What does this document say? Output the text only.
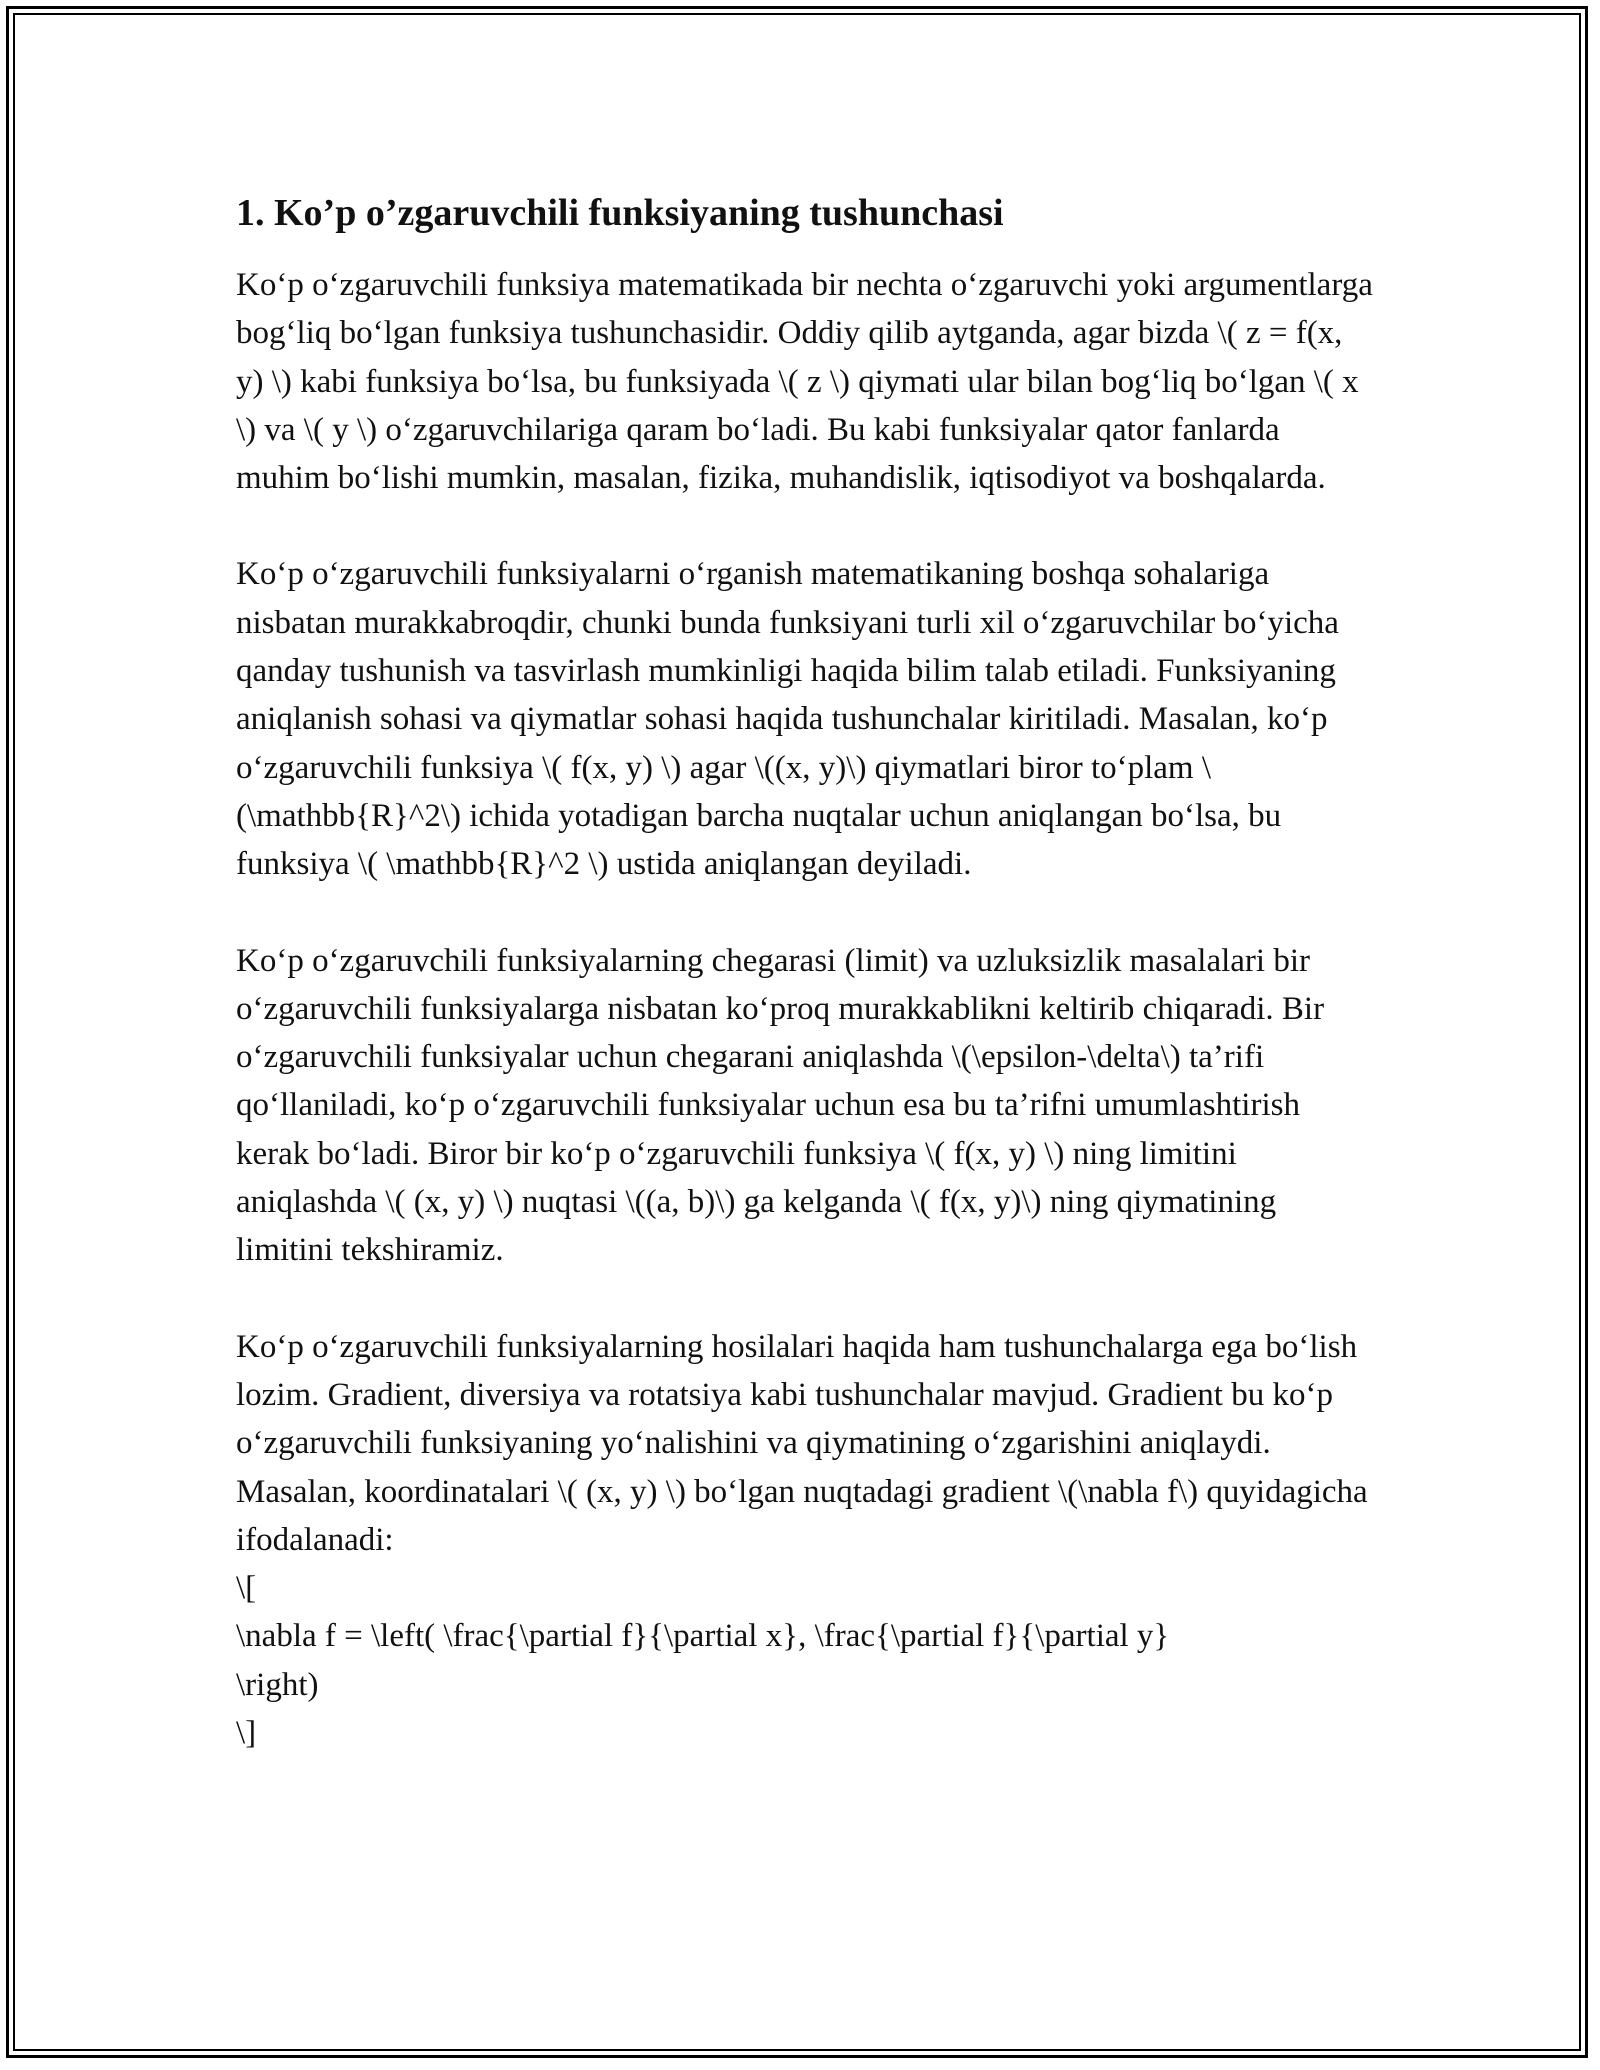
1. Ko’p o’zgaruvchili funksiyaning tushunchasi

Ko‘p o‘zgaruvchili funksiya matematikada bir nechta o‘zgaruvchi yoki argumentlarga bog‘liq bo‘lgan funksiya tushunchasidir. Oddiy qilib aytganda, agar bizda \( z = f(x, y) \) kabi funksiya bo‘lsa, bu funksiyada \( z \) qiymati ular bilan bog‘liq bo‘lgan \( x \) va \( y \) o‘zgaruvchilariga qaram bo‘ladi. Bu kabi funksiyalar qator fanlarda muhim bo‘lishi mumkin, masalan, fizika, muhandislik, iqtisodiyot va boshqalarda.

Ko‘p o‘zgaruvchili funksiyalarni o‘rganish matematikaning boshqa sohalariga nisbatan murakkabroqdir, chunki bunda funksiyani turli xil o‘zgaruvchilar bo‘yicha qanday tushunish va tasvirlash mumkinligi haqida bilim talab etiladi. Funksiyaning aniqlanish sohasi va qiymatlar sohasi haqida tushunchalar kiritiladi. Masalan, ko‘p o‘zgaruvchili funksiya \( f(x, y) \) agar \((x, y)\) qiymatlari biror to‘plam \(\mathbb{R}^2\) ichida yotadigan barcha nuqtalar uchun aniqlangan bo‘lsa, bu funksiya \( \mathbb{R}^2 \) ustida aniqlangan deyiladi.

Ko‘p o‘zgaruvchili funksiyalarning chegarasi (limit) va uzluksizlik masalalari bir o‘zgaruvchili funksiyalarga nisbatan ko‘proq murakkablikni keltirib chiqaradi. Bir o‘zgaruvchili funksiyalar uchun chegarani aniqlashda \(\epsilon-\delta\) ta’rifi qo‘llaniladi, ko‘p o‘zgaruvchili funksiyalar uchun esa bu ta’rifni umumlashtirish kerak bo‘ladi. Biror bir ko‘p o‘zgaruvchili funksiya \( f(x, y) \) ning limitini aniqlashda \( (x, y) \) nuqtasi \((a, b)\) ga kelganda \( f(x, y)\) ning qiymatining limitini tekshiramiz.

Ko‘p o‘zgaruvchili funksiyalarning hosilalari haqida ham tushunchalarga ega bo‘lish lozim. Gradient, diversiya va rotatsiya kabi tushunchalar mavjud. Gradient bu ko‘p o‘zgaruvchili funksiyaning yo‘nalishini va qiymatining o‘zgarishini aniqlaydi. Masalan, koordinatalari \( (x, y) \) bo‘lgan nuqtadagi gradient \(\nabla f\) quyidagicha ifodalanadi:

\[
\nabla f = \left( \frac{\partial f}{\partial x}, \frac{\partial f}{\partial y}
\right)
\]
